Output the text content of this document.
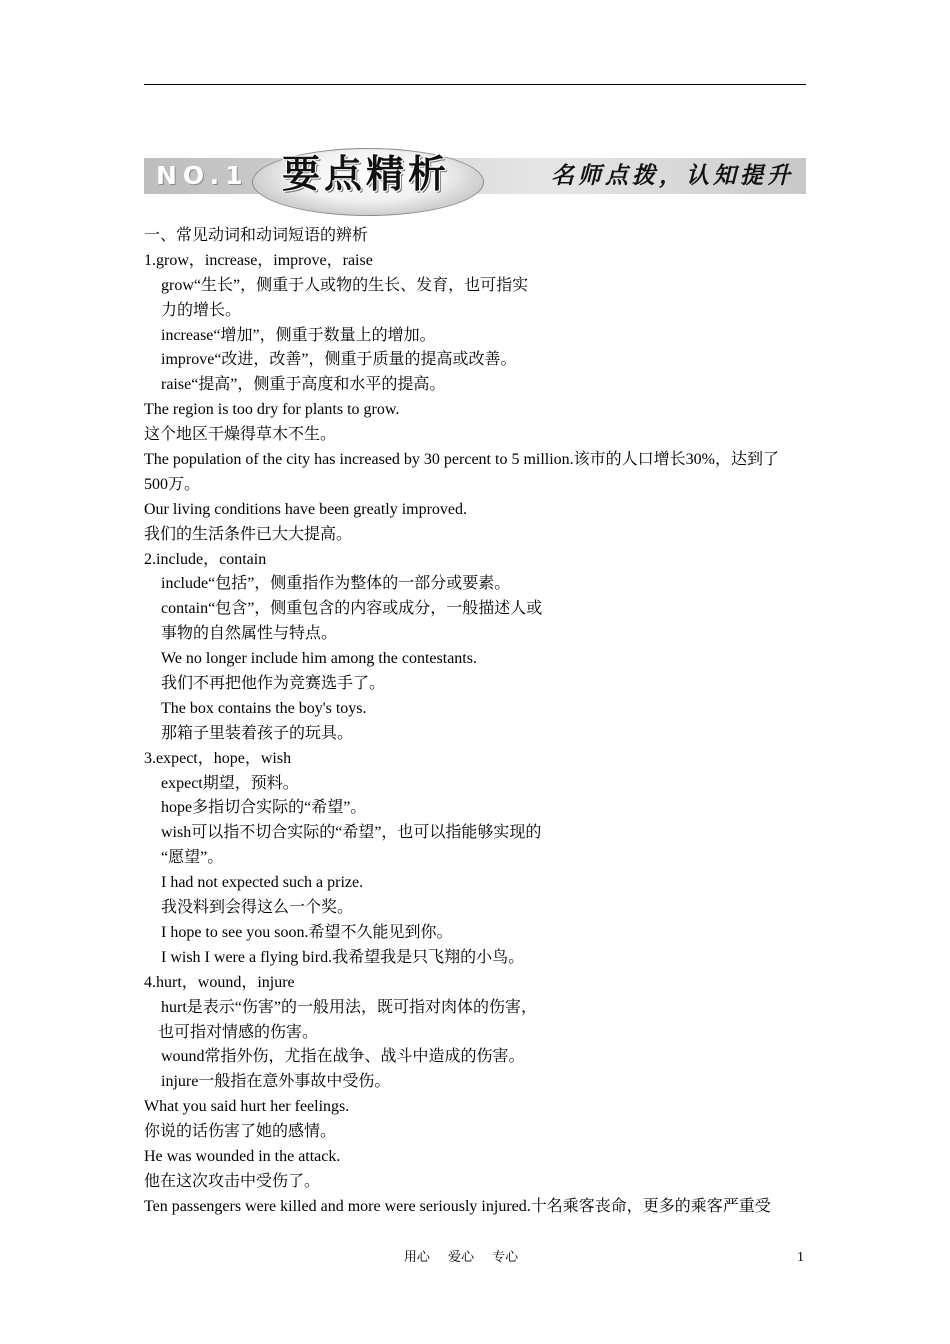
NO.1 要点精析	名师点拨，认知提升
一、常见动词和动词短语的辨析
1.grow，increase，improve，raise
grow“生长”，侧重于人或物的生长、发育，也可指实
力的增长。
increase“增加”，侧重于数量上的增加。
improve“改进，改善”，侧重于质量的提高或改善。
raise“提高”，侧重于高度和水平的提高。
The region is too dry for plants to grow.
这个地区干燥得草木不生。
The population of the city has increased by 30 percent to 5 million.该市的人口增长30%，达到了
500万。
Our living conditions have been greatly improved.
我们的生活条件已大大提高。
2.include，contain
include“包括”，侧重指作为整体的一部分或要素。
contain“包含”，侧重包含的内容或成分，一般描述人或
事物的自然属性与特点。
We no longer include him among the contestants.
我们不再把他作为竞赛选手了。
The box contains the boy's toys.
那箱子里装着孩子的玩具。
3.expect，hope，wish
expect期望，预料。
hope多指切合实际的“希望”。
wish可以指不切合实际的“希望”，也可以指能够实现的
“愿望”。
I had not expected such a prize.
我没料到会得这么一个奖。
I hope to see you soon.希望不久能见到你。
I wish I were a flying bird.我希望我是只飞翔的小鸟。
4.hurt，wound，injure
hurt是表示“伤害”的一般用法，既可指对肉体的伤害，
也可指对情感的伤害。
wound常指外伤，尤指在战争、战斗中造成的伤害。
injure一般指在意外事故中受伤。
What you said hurt her feelings.
你说的话伤害了她的感情。
He was wounded in the attack.
他在这次攻击中受伤了。
Ten passengers were killed and more were seriously injured.十名乘客丧命，更多的乘客严重受
用心 爱心 专心	1
